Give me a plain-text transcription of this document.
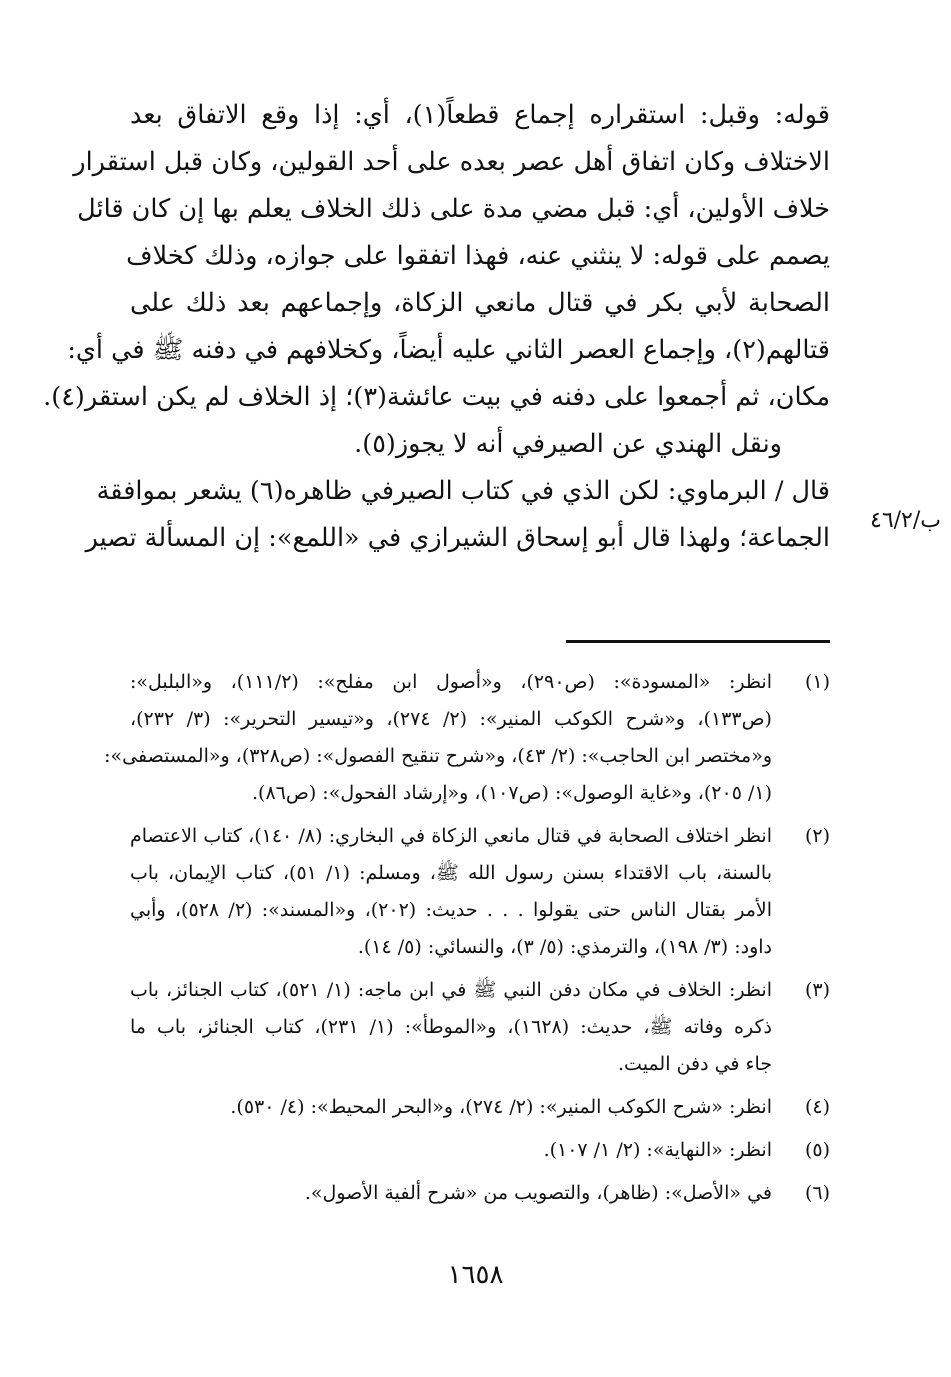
قوله: وقبل: استقراره إجماع قطعاً(١)، أي: إذا وقع الاتفاق بعد
الاختلاف وكان اتفاق أهل عصر بعده على أحد القولين، وكان قبل استقرار
خلاف الأولين، أي: قبل مضي مدة على ذلك الخلاف يعلم بها إن كان قائل
يصمم على قوله: لا ينثني عنه، فهذا اتفقوا على جوازه، وذلك كخلاف
الصحابة لأبي بكر في قتال مانعي الزكاة، وإجماعهم بعد ذلك على
قتالهم(٢)، وإجماع العصر الثاني عليه أيضاً، وكخلافهم في دفنه ﷺ في أي:
مكان، ثم أجمعوا على دفنه في بيت عائشة(٣)؛ إذ الخلاف لم يكن استقر(٤).
ونقل الهندي عن الصيرفي أنه لا يجوز(٥).
قال / البرماوي: لكن الذي في كتاب الصيرفي ظاهره(٦) يشعر بموافقة
الجماعة؛ ولهذا قال أبو إسحاق الشيرازي في «اللمع»: إن المسألة تصير
ب/٤٦/٢
(١)
انظر: «المسودة»: (ص٢٩٠)، و«أصول ابن مفلح»: (١١١/٢)، و«البلبل»:
(ص١٣٣)، و«شرح الكوكب المنير»: (٢/ ٢٧٤)، و«تيسير التحرير»: (٣/ ٢٣٢)،
و«مختصر ابن الحاجب»: (٢/ ٤٣)، و«شرح تنقيح الفصول»: (ص٣٢٨)، و«المستصفى»:
(١/ ٢٠٥)، و«غاية الوصول»: (ص١٠٧)، و«إرشاد الفحول»: (ص٨٦).
(٢)
انظر اختلاف الصحابة في قتال مانعي الزكاة في البخاري: (٨/ ١٤٠)، كتاب الاعتصام
بالسنة، باب الاقتداء بسنن رسول الله ﷺ، ومسلم: (١/ ٥١)، كتاب الإيمان، باب
الأمر بقتال الناس حتى يقولوا . . . حديث: (٢٠٢)، و«المسند»: (٢/ ٥٢٨)، وأبي
داود: (٣/ ١٩٨)، والترمذي: (٥/ ٣)، والنسائي: (٥/ ١٤).
(٣)
انظر: الخلاف في مكان دفن النبي ﷺ في ابن ماجه: (١/ ٥٢١)، كتاب الجنائز، باب
ذكره وفاته ﷺ، حديث: (١٦٢٨)، و«الموطأ»: (١/ ٢٣١)، كتاب الجنائز، باب ما
جاء في دفن الميت.
(٤)
انظر: «شرح الكوكب المنير»: (٢/ ٢٧٤)، و«البحر المحيط»: (٤/ ٥٣٠).
(٥)
انظر: «النهاية»: (٢/ ١/ ١٠٧).
(٦)
في «الأصل»: (ظاهر)، والتصويب من «شرح ألفية الأصول».
١٦٥٨
